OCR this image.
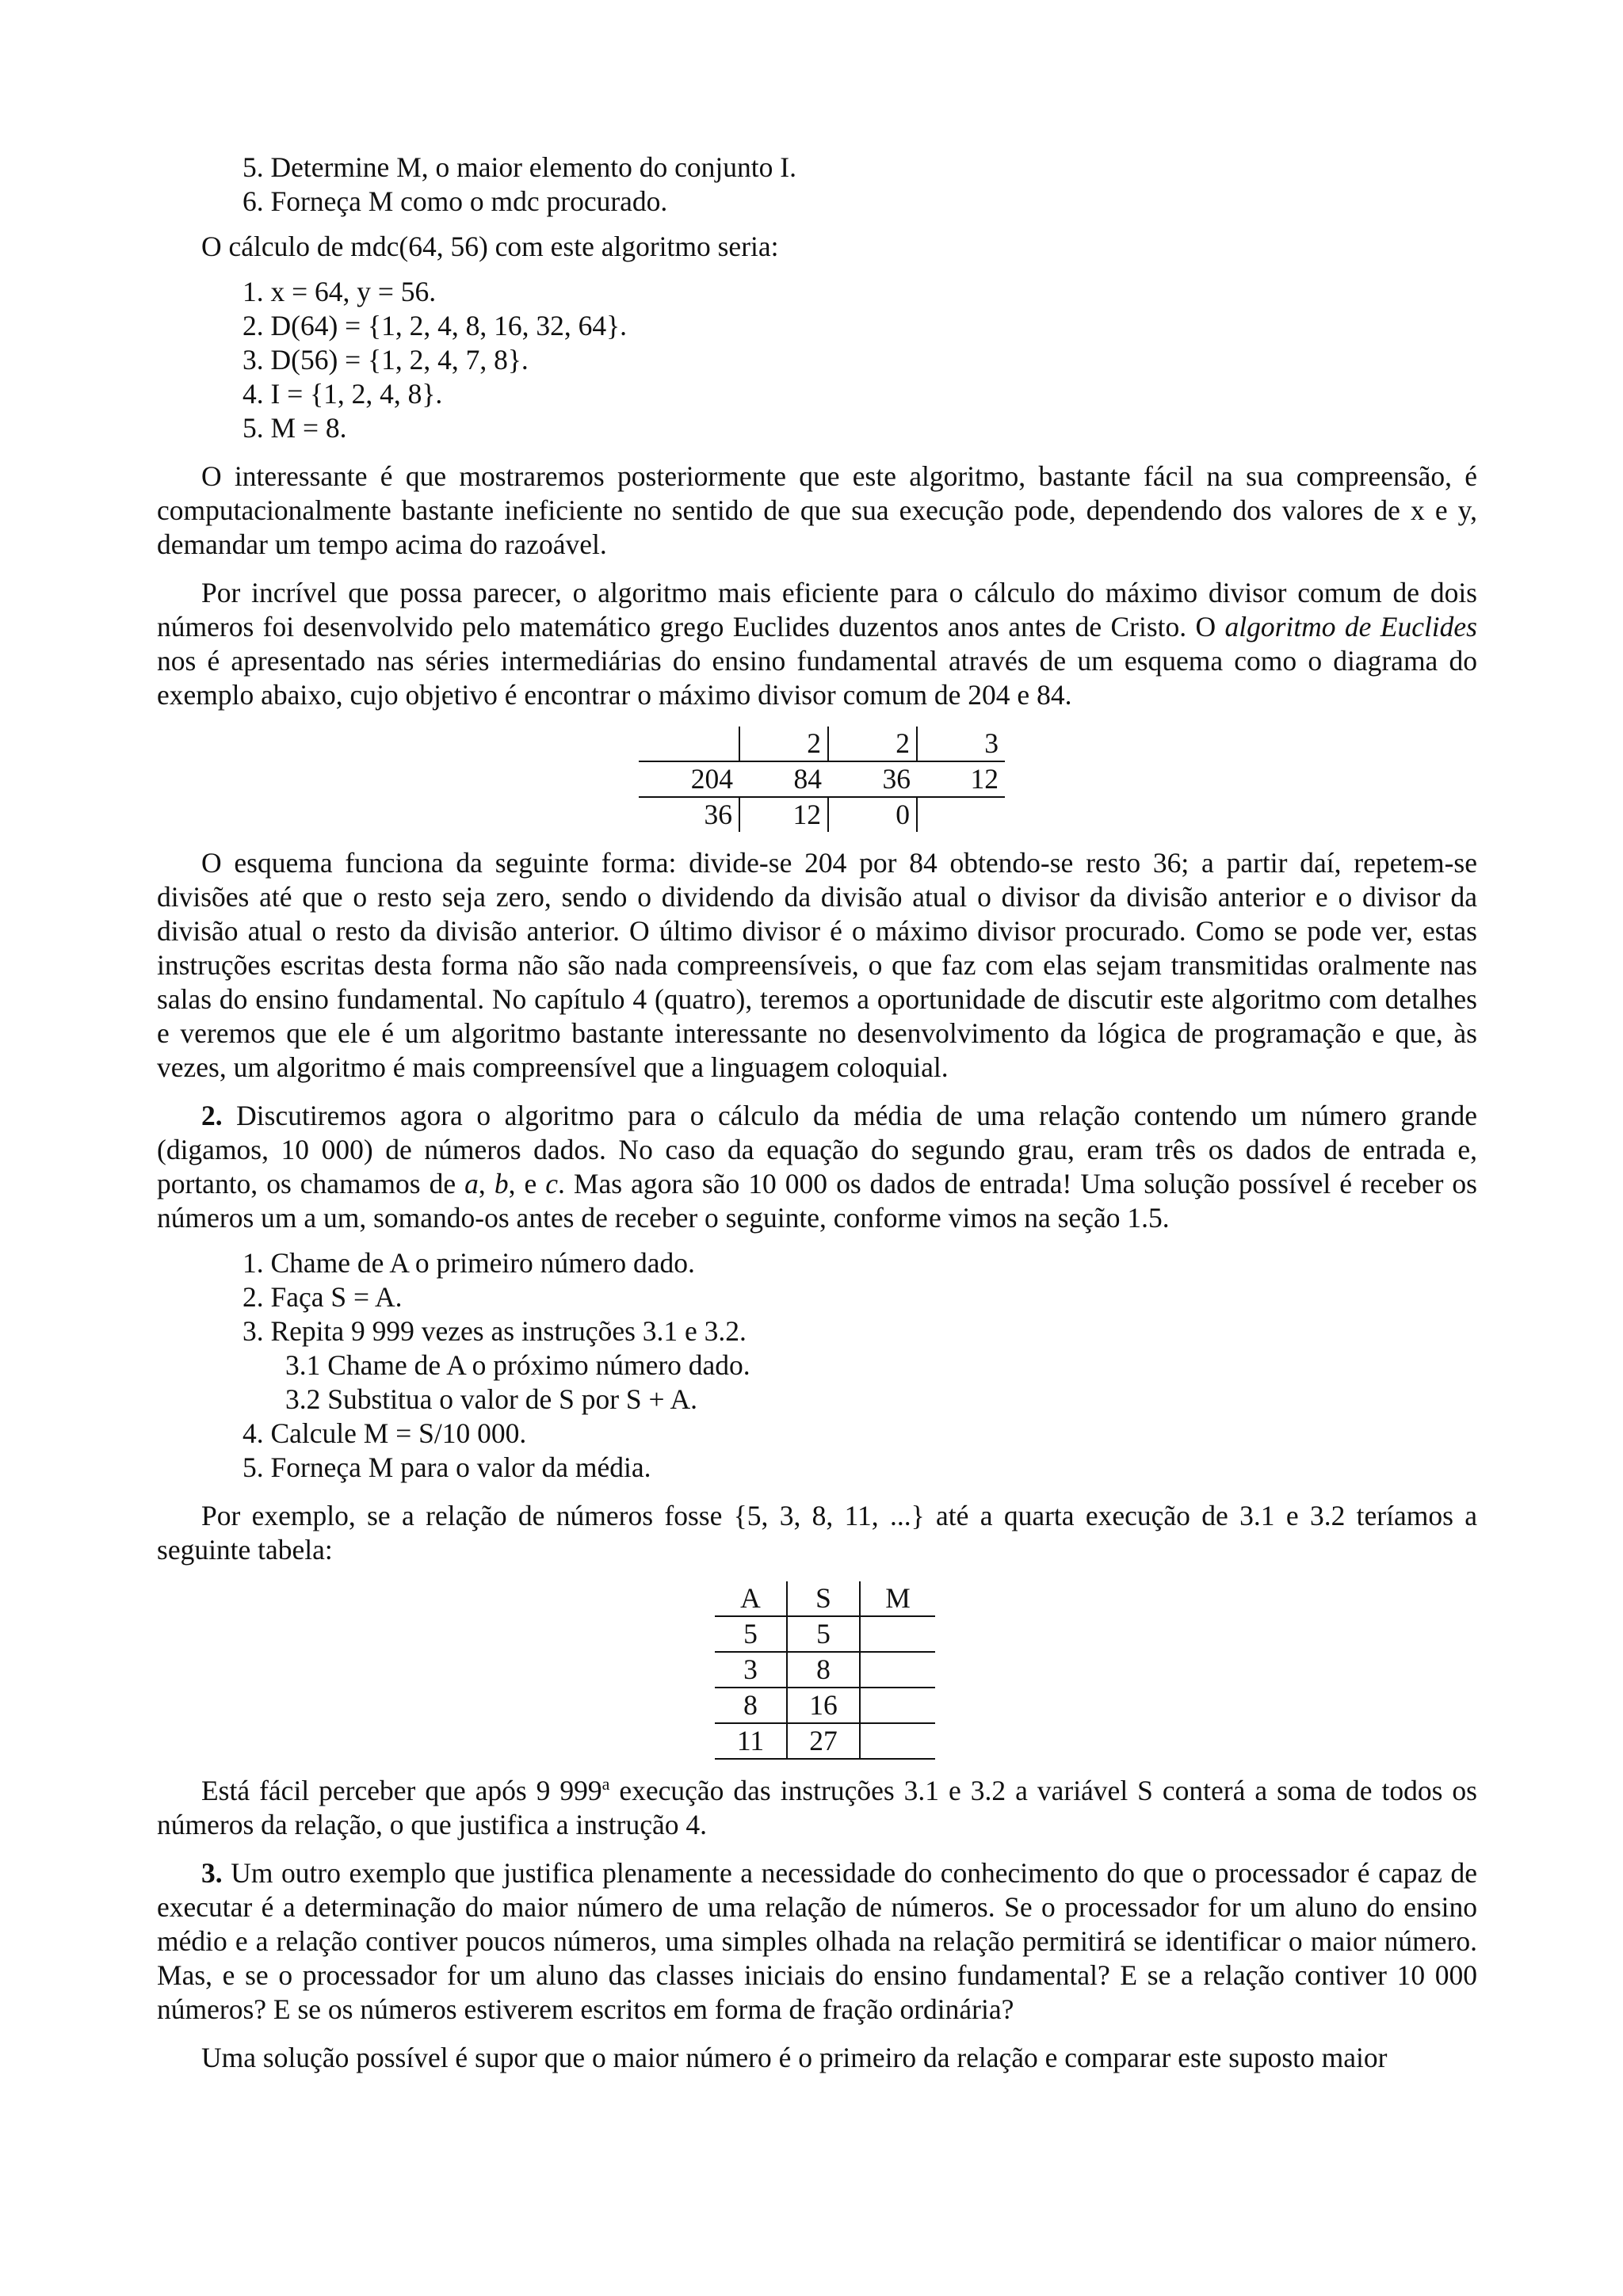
5. Determine M, o maior elemento do conjunto I.
6. Forneça M como o mdc procurado.

O cálculo de mdc(64, 56) com este algoritmo seria:

1. x = 64, y = 56.
2. D(64) = {1, 2, 4, 8, 16, 32, 64}.
3. D(56) = {1, 2, 4, 7, 8}.
4. I = {1, 2, 4, 8}.
5. M = 8.

O interessante é que mostraremos posteriormente que este algoritmo, bastante fácil na sua compreensão, é computacionalmente bastante ineficiente no sentido de que sua execução pode, dependendo dos valores de x e y, demandar um tempo acima do razoável.

Por incrível que possa parecer, o algoritmo mais eficiente para o cálculo do máximo divisor comum de dois números foi desenvolvido pelo matemático grego Euclides duzentos anos antes de Cristo. O algoritmo de Euclides nos é apresentado nas séries intermediárias do ensino fundamental através de um esquema como o diagrama do exemplo abaixo, cujo objetivo é encontrar o máximo divisor comum de 204 e 84.

	2	2	3
204	84	36	12
36	12	0	

O esquema funciona da seguinte forma: divide-se 204 por 84 obtendo-se resto 36; a partir daí, repetem-se divisões até que o resto seja zero, sendo o dividendo da divisão atual o divisor da divisão anterior e o divisor da divisão atual o resto da divisão anterior. O último divisor é o máximo divisor procurado. Como se pode ver, estas instruções escritas desta forma não são nada compreensíveis, o que faz com elas sejam transmitidas oralmente nas salas do ensino fundamental. No capítulo 4 (quatro), teremos a oportunidade de discutir este algoritmo com detalhes e veremos que ele é um algoritmo bastante interessante no desenvolvimento da lógica de programação e que, às vezes, um algoritmo é mais compreensível que a linguagem coloquial.

2. Discutiremos agora o algoritmo para o cálculo da média de uma relação contendo um número grande (digamos, 10 000) de números dados. No caso da equação do segundo grau, eram três os dados de entrada e, portanto, os chamamos de a, b, e c. Mas agora são 10 000 os dados de entrada! Uma solução possível é receber os números um a um, somando-os antes de receber o seguinte, conforme vimos na seção 1.5.

1. Chame de A o primeiro número dado.
2. Faça S = A.
3. Repita 9 999 vezes as instruções 3.1 e 3.2.
3.1 Chame de A o próximo número dado.
3.2 Substitua o valor de S por S + A.
4. Calcule M = S/10 000.
5. Forneça M para o valor da média.

Por exemplo, se a relação de números fosse {5, 3, 8, 11, ...} até a quarta execução de 3.1 e 3.2 teríamos a seguinte tabela:

A	S	M
5	5	
3	8	
8	16	
11	27	

Está fácil perceber que após 9 999$^a$ execução das instruções 3.1 e 3.2 a variável S conterá a soma de todos os números da relação, o que justifica a instrução 4.

3. Um outro exemplo que justifica plenamente a necessidade do conhecimento do que o processador é capaz de executar é a determinação do maior número de uma relação de números. Se o processador for um aluno do ensino médio e a relação contiver poucos números, uma simples olhada na relação permitirá se identificar o maior número. Mas, e se o processador for um aluno das classes iniciais do ensino fundamental? E se a relação contiver 10 000 números? E se os números estiverem escritos em forma de fração ordinária?

Uma solução possível é supor que o maior número é o primeiro da relação e comparar este suposto maior
